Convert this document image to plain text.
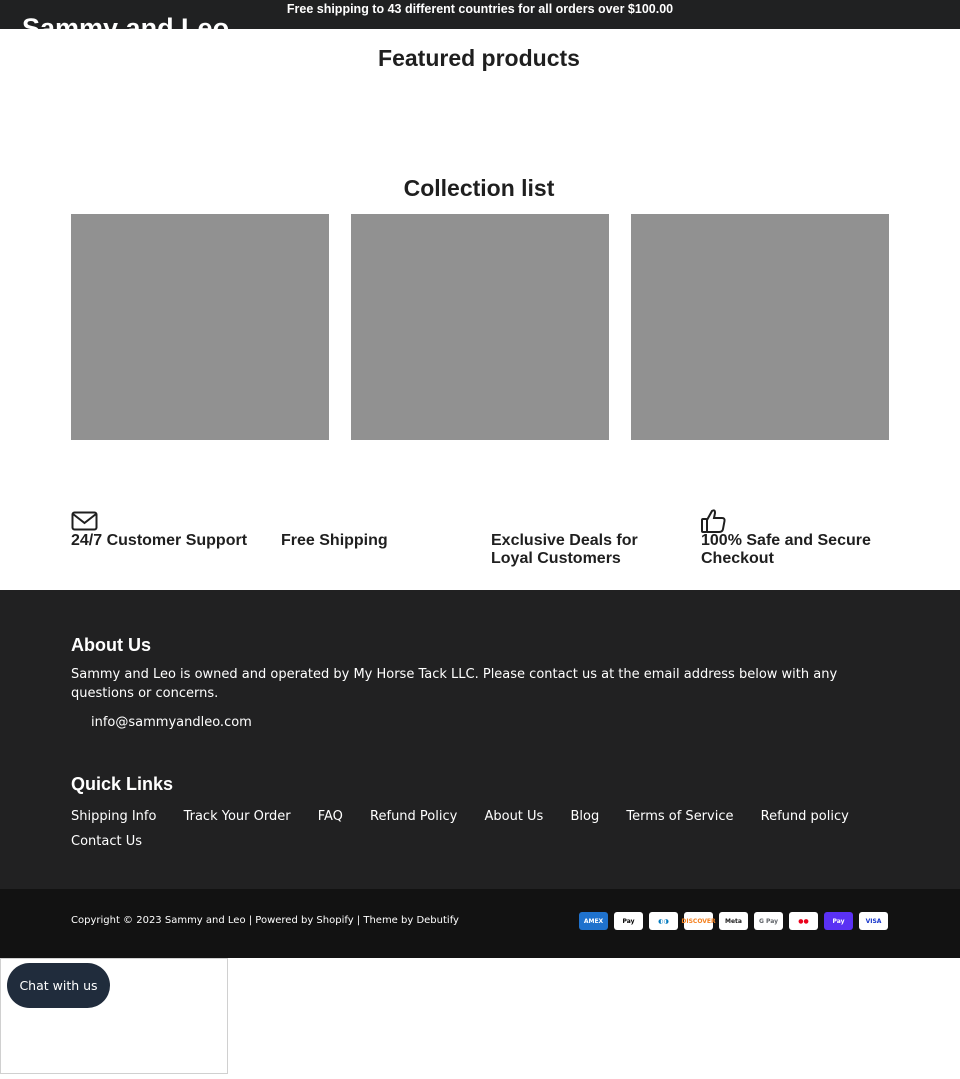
Sammy and Leo
Free shipping to 43 different countries for all orders over $100.00
Featured products
Collection list
24/7 Customer Support	Free Shipping	Exclusive Deals for Loyal Customers
100% Safe and Secure Checkout
About Us

Sammy and Leo is owned and operated by My Horse Tack LLC. Please contact us at the email address below with any questions or concerns.

info@sammyandleo.com
Quick Links
Shipping Info Track Your Order FAQ Refund Policy About Us Blog Terms of Service Refund policy Contact Us
Copyright © 2023 Sammy and Leo | Powered by Shopify | Theme by Debutify	AMEX	Pay	◐◑	DISCOVER	Meta	G Pay	●●	Pay	VISA
Chat with us
